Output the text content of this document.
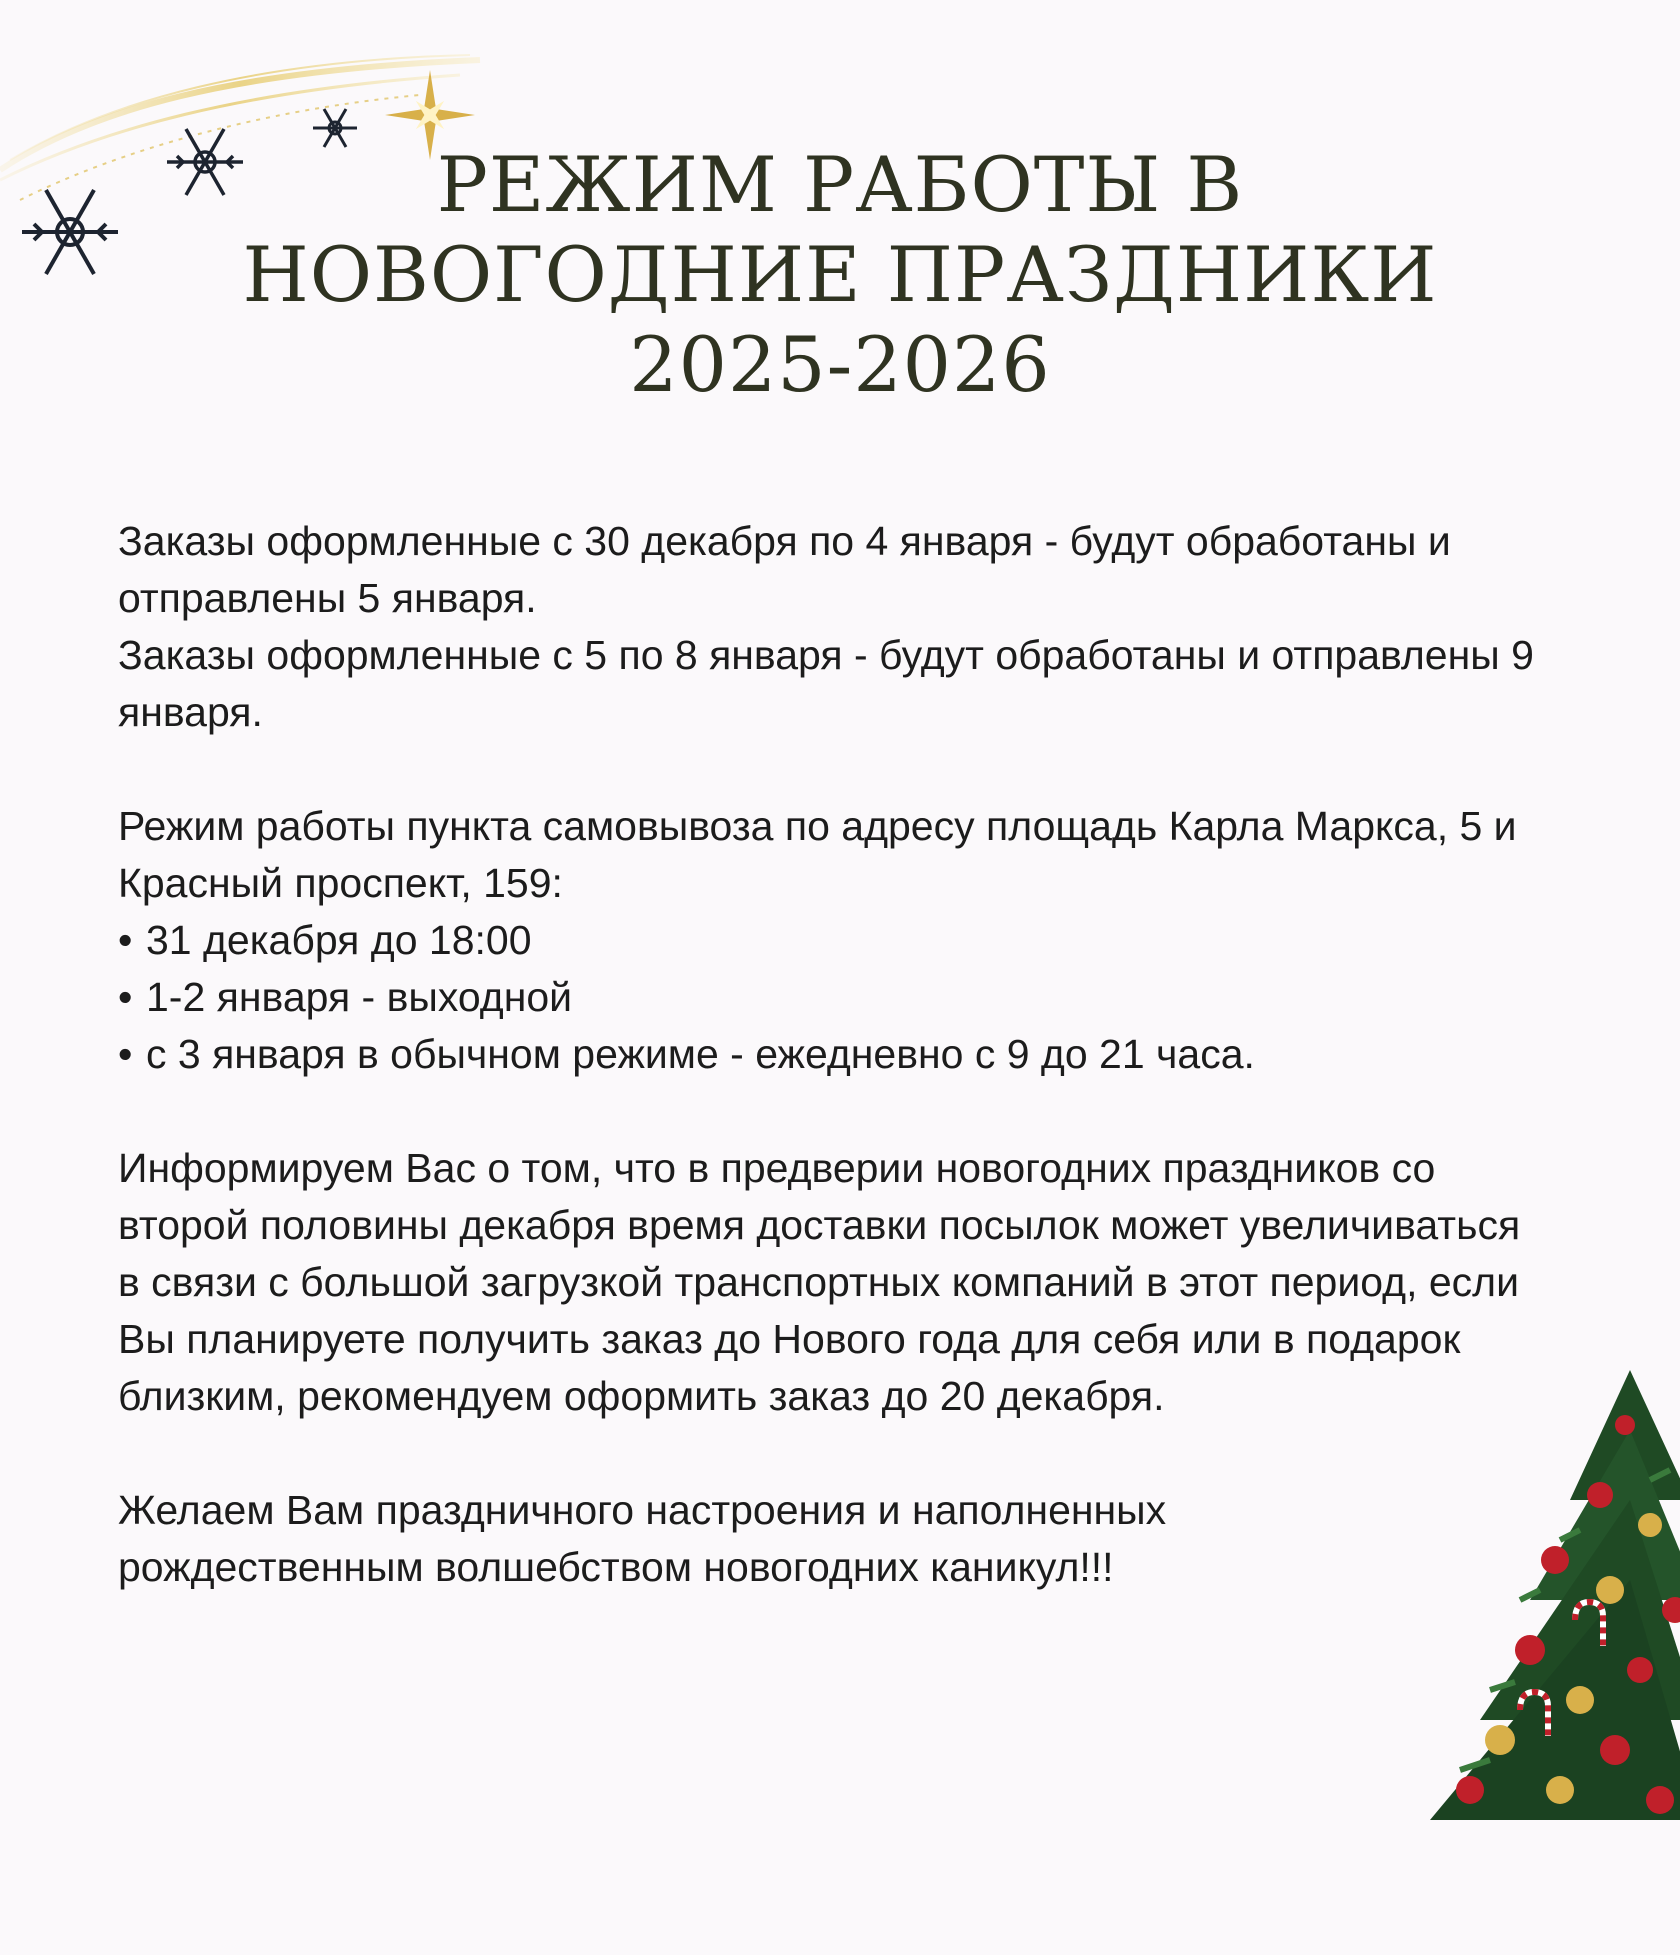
РЕЖИМ РАБОТЫ В
НОВОГОДНИЕ ПРАЗДНИКИ
2025-2026

Заказы оформленные с 30 декабря по 4 января - будут обработаны и отправлены 5 января.

Заказы оформленные с 5 по 8 января - будут обработаны и отправлены 9 января.

Режим работы пункта самовывоза по адресу площадь Карла Маркса, 5 и Красный проспект, 159:

• 31 декабря до 18:00
• 1-2 января - выходной
• с 3 января в обычном режиме - ежедневно с 9 до 21 часа.

Информируем Вас о том, что в предверии новогодних праздников со второй половины декабря время доставки посылок может увеличиваться в связи с большой загрузкой транспортных компаний в этот период, если Вы планируете получить заказ до Нового года для себя или в подарок близким, рекомендуем оформить заказ до 20 декабря.

Желаем Вам праздничного настроения и наполненных рождественным волшебством новогодних каникул!!!
